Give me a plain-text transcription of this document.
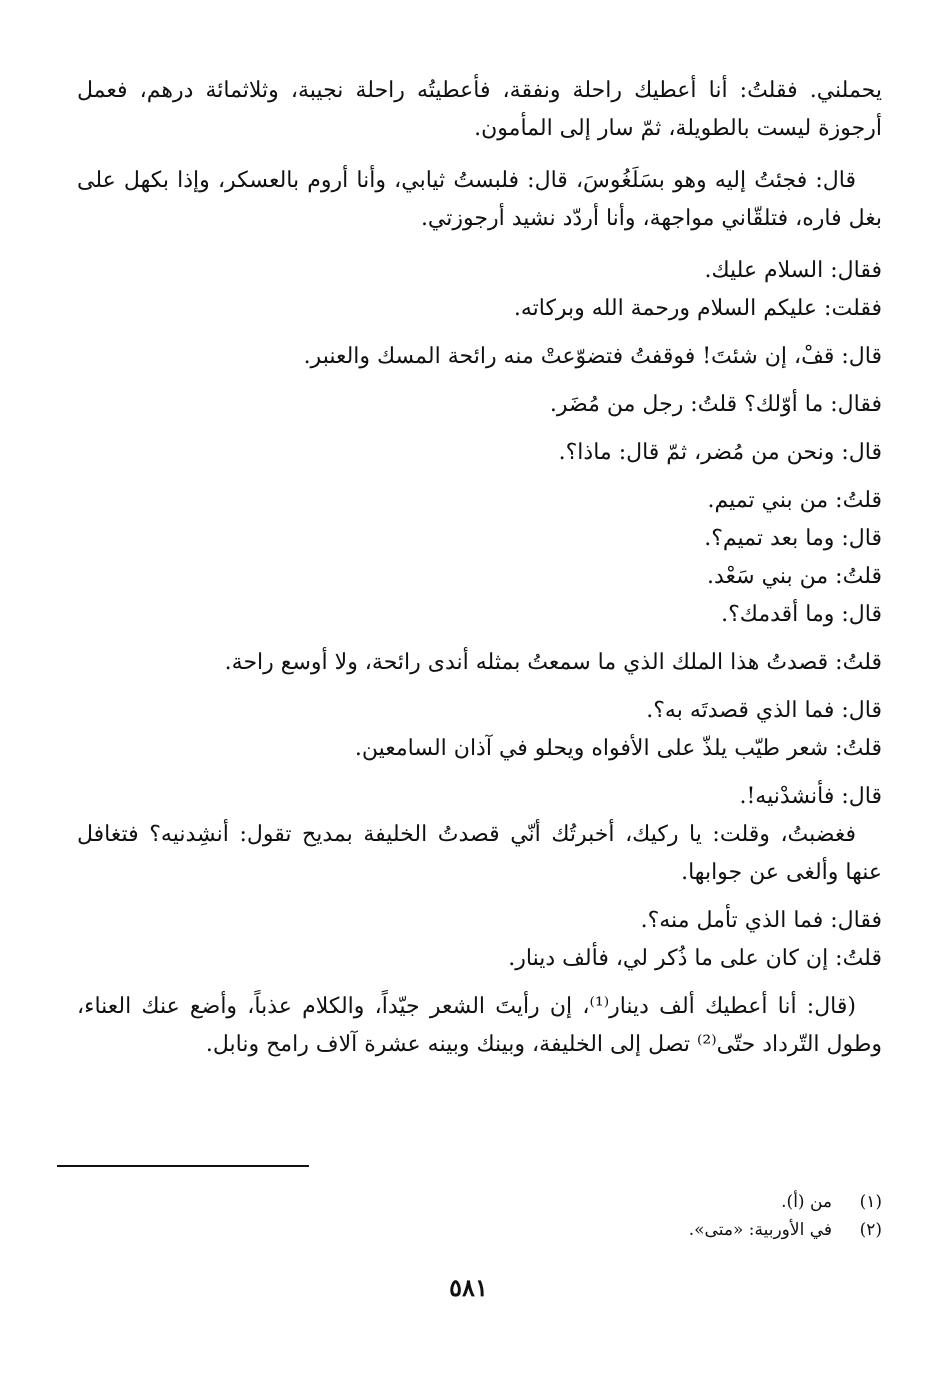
يحملني. فقلتُ: أنا أعطيك راحلة ونفقة، فأعطيتُه راحلة نجيبة، وثلاثمائة درهم، فعمل أرجوزة ليست بالطويلة، ثمّ سار إلى المأمون.

قال: فجئتُ إليه وهو بسَلَغُوسَ، قال: فلبستُ ثيابي، وأنا أروم بالعسكر، وإذا بكهل على بغل فاره، فتلقّاني مواجهة، وأنا أردّد نشيد أرجوزتي.

فقال: السلام عليك.

فقلت: عليكم السلام ورحمة الله وبركاته.

قال: قفْ، إن شئتَ! فوقفتُ فتضوّعتْ منه رائحة المسك والعنبر.

فقال: ما أوّلك؟ قلتُ: رجل من مُضَر.

قال: ونحن من مُضر، ثمّ قال: ماذا؟.

قلتُ: من بني تميم.

قال: وما بعد تميم؟.

قلتُ: من بني سَعْد.

قال: وما أقدمك؟.

قلتُ: قصدتُ هذا الملك الذي ما سمعتُ بمثله أندى رائحة، ولا أوسع راحة.

قال: فما الذي قصدتَه به؟.

قلتُ: شعر طيّب يلذّ على الأفواه ويحلو في آذان السامعين.

قال: فأنشدْنيه!.

فغضبتُ، وقلت: يا ركيك، أخبرتُك أنّي قصدتُ الخليفة بمديح تقول: أنشِدنيه؟ فتغافل عنها وألغى عن جوابها.

فقال: فما الذي تأمل منه؟.

قلتُ: إن كان على ما ذُكر لي، فألف دينار.

(قال: أنا أعطيك ألف دينار⁽¹⁾، إن رأيتَ الشعر جيّداً، والكلام عذباً، وأضع عنك العناء، وطول التّرداد حتّى⁽²⁾ تصل إلى الخليفة، وبينك وبينه عشرة آلاف رامح ونابل.

(١)
من (أ).
(٢)
في الأوربية: «متى».
٥٨١
